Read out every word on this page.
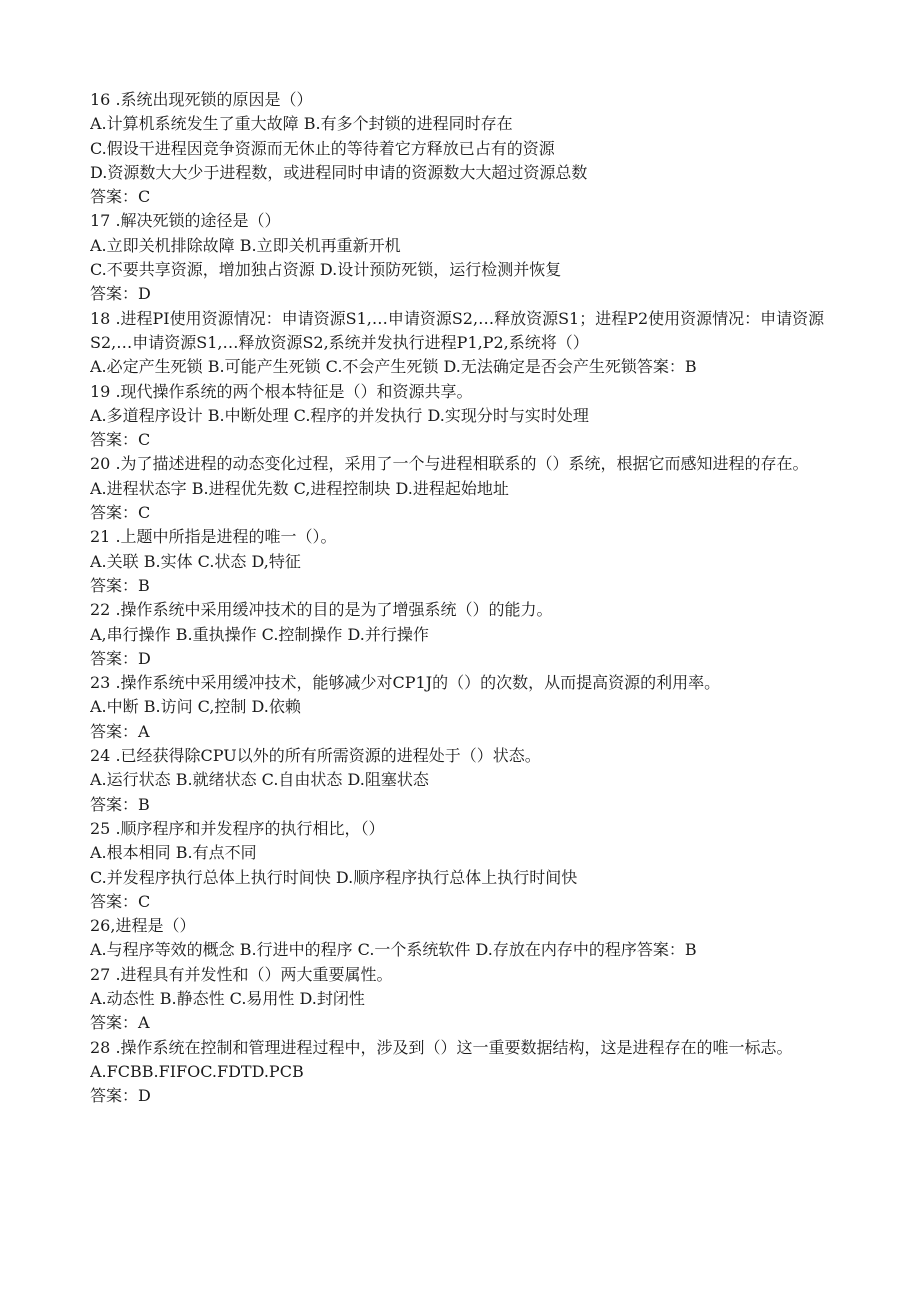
16 .系统出现死锁的原因是（）
A.计算机系统发生了重大故障 B.有多个封锁的进程同时存在
C.假设干进程因竞争资源而无休止的等待着它方释放已占有的资源
D.资源数大大少于进程数，或进程同时申请的资源数大大超过资源总数
答案：C
17 .解决死锁的途径是（）
A.立即关机排除故障 B.立即关机再重新开机
C.不要共享资源，增加独占资源 D.设计预防死锁，运行检测并恢复
答案：D
18 .进程PI使用资源情况：申请资源S1,…申请资源S2,…释放资源S1；进程P2使用资源情况：申请资源S2,…申请资源S1,…释放资源S2,系统并发执行进程P1,P2,系统将（）
A.必定产生死锁 B.可能产生死锁 C.不会产生死锁 D.无法确定是否会产生死锁答案：B
19 .现代操作系统的两个根本特征是（）和资源共享。
A.多道程序设计 B.中断处理 C.程序的并发执行 D.实现分时与实时处理
答案：C
20 .为了描述进程的动态变化过程，采用了一个与进程相联系的（）系统，根据它而感知进程的存在。
A.进程状态字 B.进程优先数 C,进程控制块 D.进程起始地址
答案：C
21 .上题中所指是进程的唯一（）。
A.关联 B.实体 C.状态 D,特征
答案：B
22 .操作系统中采用缓冲技术的目的是为了增强系统（）的能力。
A,串行操作 B.重执操作 C.控制操作 D.并行操作
答案：D
23 .操作系统中采用缓冲技术，能够减少对CP1J的（）的次数，从而提高资源的利用率。
A.中断 B.访问 C,控制 D.依赖
答案：A
24 .已经获得除CPU以外的所有所需资源的进程处于（）状态。
A.运行状态 B.就绪状态 C.自由状态 D.阻塞状态
答案：B
25 .顺序程序和并发程序的执行相比，（）
A.根本相同 B.有点不同
C.并发程序执行总体上执行时间快 D.顺序程序执行总体上执行时间快
答案：C
26,进程是（）
A.与程序等效的概念 B.行进中的程序 C.一个系统软件 D.存放在内存中的程序答案：B
27 .进程具有并发性和（）两大重要属性。
A.动态性 B.静态性 C.易用性 D.封闭性
答案：A
28 .操作系统在控制和管理进程过程中，涉及到（）这一重要数据结构，这是进程存在的唯一标志。
A.FCBB.FIFOC.FDTD.PCB
答案：D
